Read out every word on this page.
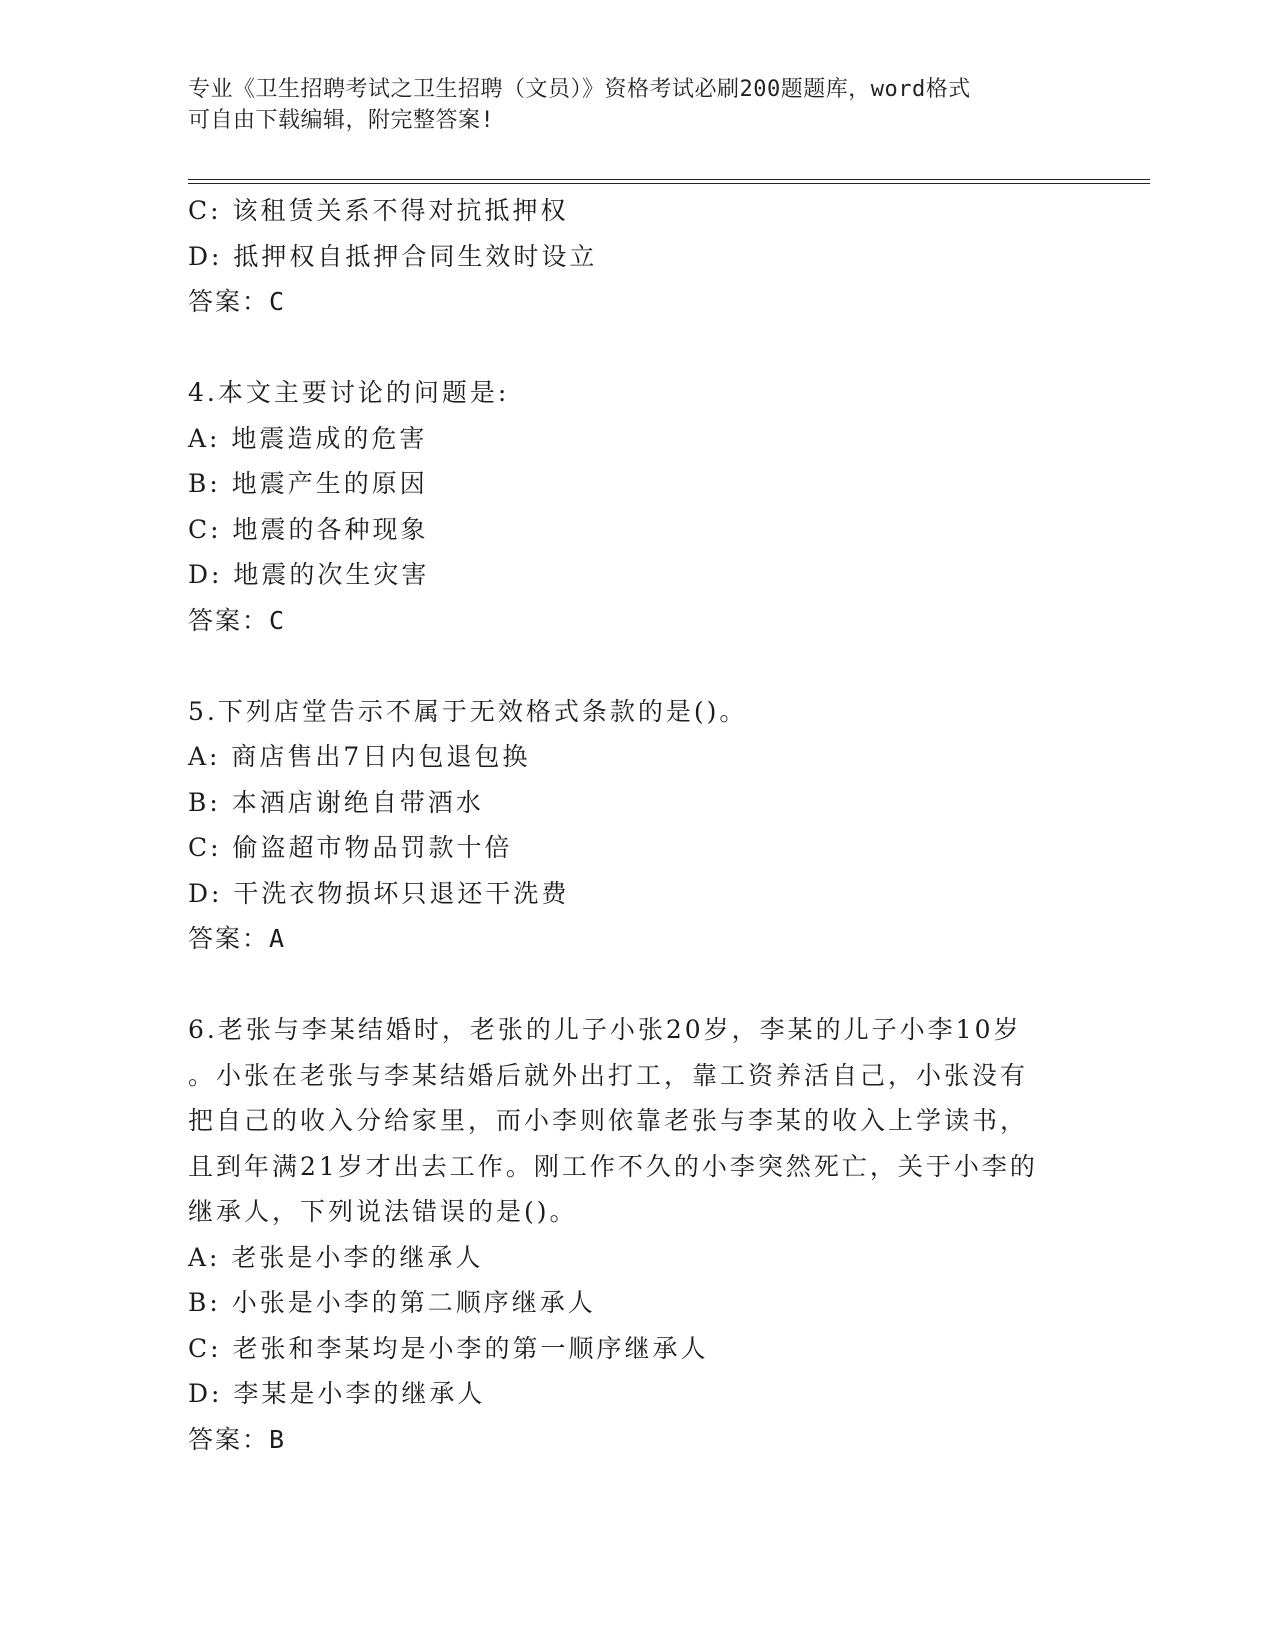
专业《卫生招聘考试之卫生招聘（文员）》资格考试必刷200题题库，word格式
可自由下载编辑，附完整答案!
C: 该租赁关系不得对抗抵押权
D: 抵押权自抵押合同生效时设立
答案：C
4.本文主要讨论的问题是:
A: 地震造成的危害
B: 地震产生的原因
C: 地震的各种现象
D: 地震的次生灾害
答案：C
5.下列店堂告示不属于无效格式条款的是()。
A: 商店售出7日内包退包换
B: 本酒店谢绝自带酒水
C: 偷盗超市物品罚款十倍
D: 干洗衣物损坏只退还干洗费
答案：A
6.老张与李某结婚时，老张的儿子小张20岁，李某的儿子小李10岁
。小张在老张与李某结婚后就外出打工，靠工资养活自己，小张没有
把自己的收入分给家里，而小李则依靠老张与李某的收入上学读书，
且到年满21岁才出去工作。刚工作不久的小李突然死亡，关于小李的
继承人，下列说法错误的是()。
A: 老张是小李的继承人
B: 小张是小李的第二顺序继承人
C: 老张和李某均是小李的第一顺序继承人
D: 李某是小李的继承人
答案：B
